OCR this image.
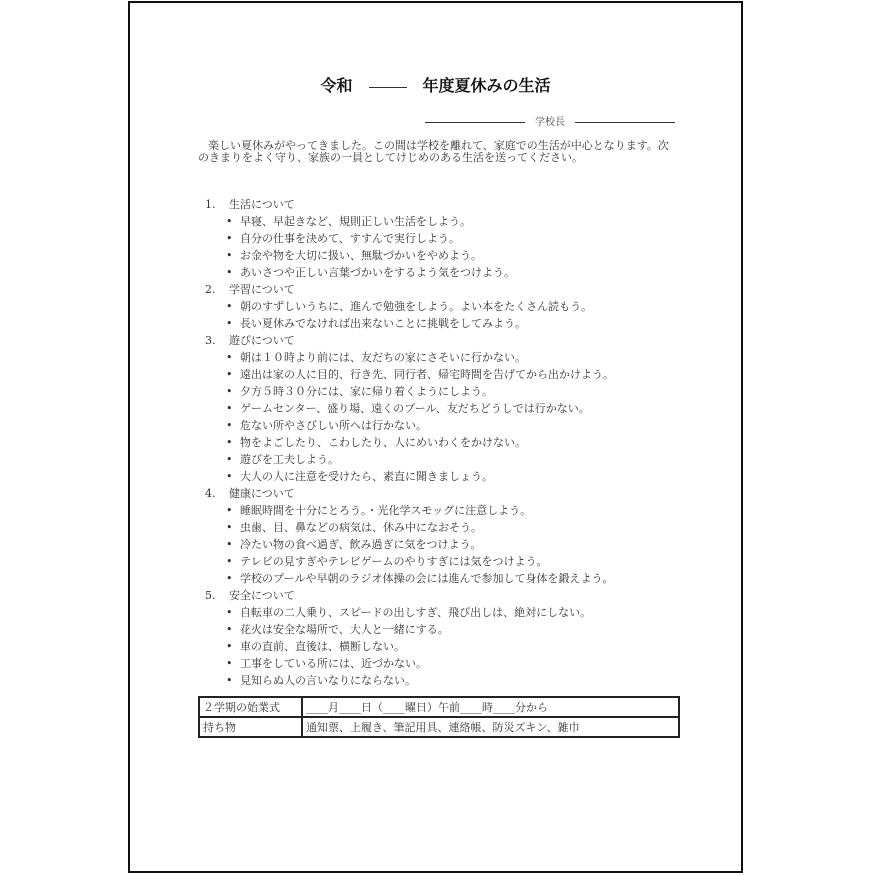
令和	年度夏休みの生活
学校長
楽しい夏休みがやってきました。この間は学校を離れて、家庭での生活が中心となります。次のきまりをよく守り、家族の一員としてけじめのある生活を送ってください。
1. 生活について
• 早寝、早起きなど、規則正しい生活をしよう。
• 自分の仕事を決めて、すすんで実行しよう。
• お金や物を大切に扱い、無駄づかいをやめよう。
• あいさつや正しい言葉づかいをするよう気をつけよう。
2. 学習について
• 朝のすずしいうちに、進んで勉強をしよう。よい本をたくさん読もう。
• 長い夏休みでなければ出来ないことに挑戦をしてみよう。
3. 遊びについて
• 朝は１０時より前には、友だちの家にさそいに行かない。
• 遠出は家の人に目的、行き先、同行者、帰宅時間を告げてから出かけよう。
• 夕方５時３０分には、家に帰り着くようにしよう。
• ゲームセンター、盛り場、遠くのプール、友だちどうしでは行かない。
• 危ない所やさびしい所へは行かない。
• 物をよごしたり、こわしたり、人にめいわくをかけない。
• 遊びを工夫しよう。
• 大人の人に注意を受けたら、素直に聞きましょう。
4. 健康について
• 睡眠時間を十分にとろう。・光化学スモッグに注意しよう。
• 虫歯、目、鼻などの病気は、休み中になおそう。
• 冷たい物の食べ過ぎ、飲み過ぎに気をつけよう。
• テレビの見すぎやテレビゲームのやりすぎには気をつけよう。
• 学校のプールや早朝のラジオ体操の会には進んで参加して身体を鍛えよう。
5. 安全について
• 自転車の二人乗り、スピードの出しすぎ、飛び出しは、絶対にしない。
• 花火は安全な場所で、大人と一緒にする。
• 車の直前、直後は、横断しない。
• 工事をしている所には、近づかない。
• 見知らぬ人の言いなりにならない。
２学期の始業式	____月____日（____曜日）午前____時____分から
持ち物	通知票、上履き、筆記用具、連絡帳、防災ズキン、雑巾
